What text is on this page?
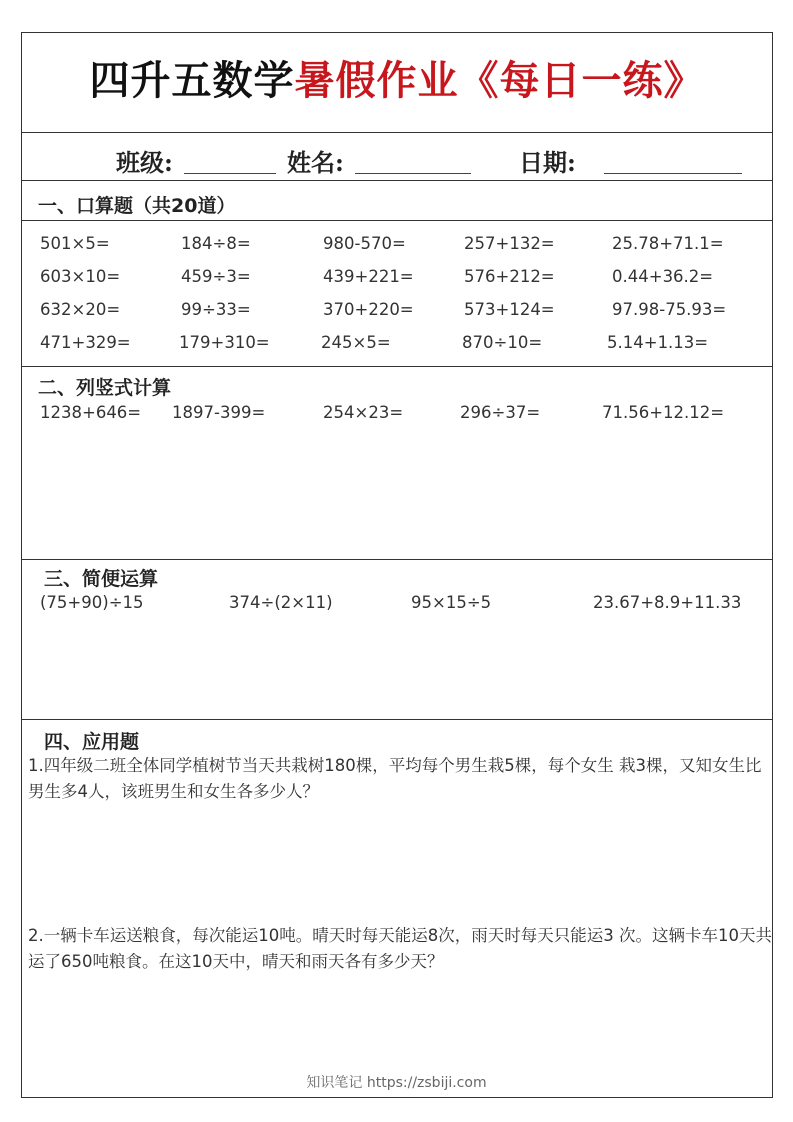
四升五数学暑假作业《每日一练》
班级:	姓名:	日期:
一、口算题（共20道）
501×5=	184÷8=	980-570=	257+132=	25.78+71.1=
603×10=	459÷3=	439+221=	576+212=	0.44+36.2=
632×20=	99÷33=	370+220=	573+124=	97.98-75.93=
471+329=	179+310=	245×5=	870÷10=	5.14+1.13=
二、列竖式计算
1238+646= 1897-399=	254×23=	296÷37=	71.56+12.12=
三、简便运算
(75+90)÷15	374÷(2×11)	95×15÷5	23.67+8.9+11.33
四、应用题
1.四年级二班全体同学植树节当天共栽树180棵，平均每个男生栽5棵，每个女生 栽3棵，又知女生比男生多4人，该班男生和女生各多少人？
2.一辆卡车运送粮食，每次能运10吨。晴天时每天能运8次，雨天时每天只能运3 次。这辆卡车10天共运了650吨粮食。在这10天中，晴天和雨天各有多少天？
知识笔记 https://zsbiji.com
